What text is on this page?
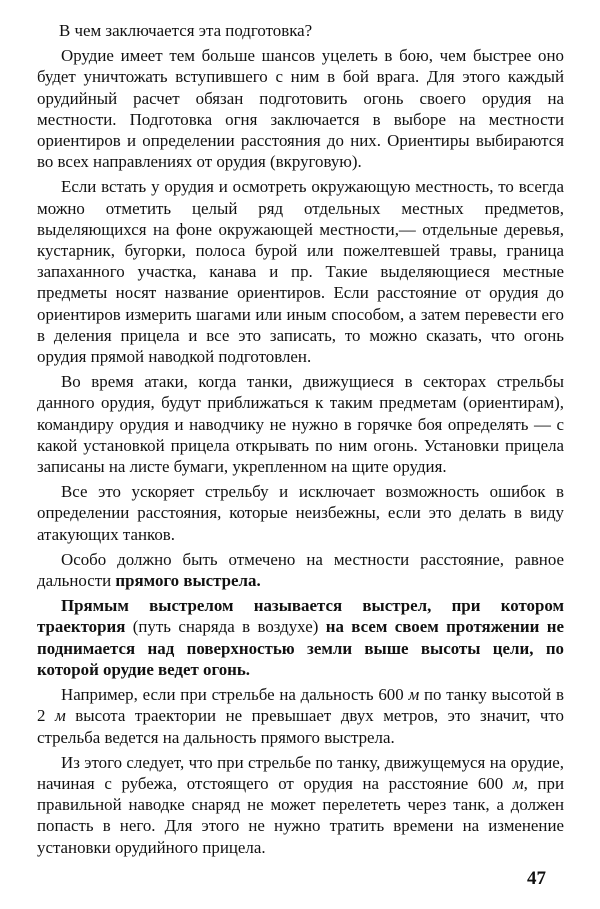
В чем заключается эта подготовка?

Орудие имеет тем больше шансов уцелеть в бою, чем быстрее оно будет уничтожать вступившего с ним в бой врага. Для этого каждый орудийный расчет обязан подготовить огонь своего орудия на местности. Подготовка огня заключается в выборе на местности ориентиров и определении расстояния до них. Ориентиры выбираются во всех направлениях от орудия (вкруговую).

Если встать у орудия и осмотреть окружающую местность, то всегда можно отметить целый ряд отдельных местных предметов, выделяющихся на фоне окружающей местности,— отдельные деревья, кустарник, бугорки, полоса бурой или пожелтевшей травы, граница запаханного участка, канава и пр. Такие выделяющиеся местные предметы носят название ориентиров. Если расстояние от орудия до ориентиров измерить шагами или иным способом, а затем перевести его в деления прицела и все это записать, то можно сказать, что огонь орудия прямой наводкой подготовлен.

Во время атаки, когда танки, движущиеся в секторах стрельбы данного орудия, будут приближаться к таким предметам (ориентирам), командиру орудия и наводчику не нужно в горячке боя определять — с какой установкой прицела открывать по ним огонь. Установки прицела записаны на листе бумаги, укрепленном на щите орудия.

Все это ускоряет стрельбу и исключает возможность ошибок в определении расстояния, которые неизбежны, если это делать в виду атакующих танков.

Особо должно быть отмечено на местности расстояние, равное дальности прямого выстрела.

Прямым выстрелом называется выстрел, при котором траектория (путь снаряда в воздухе) на всем своем протяжении не поднимается над поверхностью земли выше высоты цели, по которой орудие ведет огонь.

Например, если при стрельбе на дальность 600 м по танку высотой в 2 м высота траектории не превышает двух метров, это значит, что стрельба ведется на дальность прямого выстрела.

Из этого следует, что при стрельбе по танку, движущемуся на орудие, начиная с рубежа, отстоящего от орудия на расстояние 600 м, при правильной наводке снаряд не может перелететь через танк, а должен попасть в него. Для этого не нужно тратить времени на изменение установки орудийного прицела.

47
